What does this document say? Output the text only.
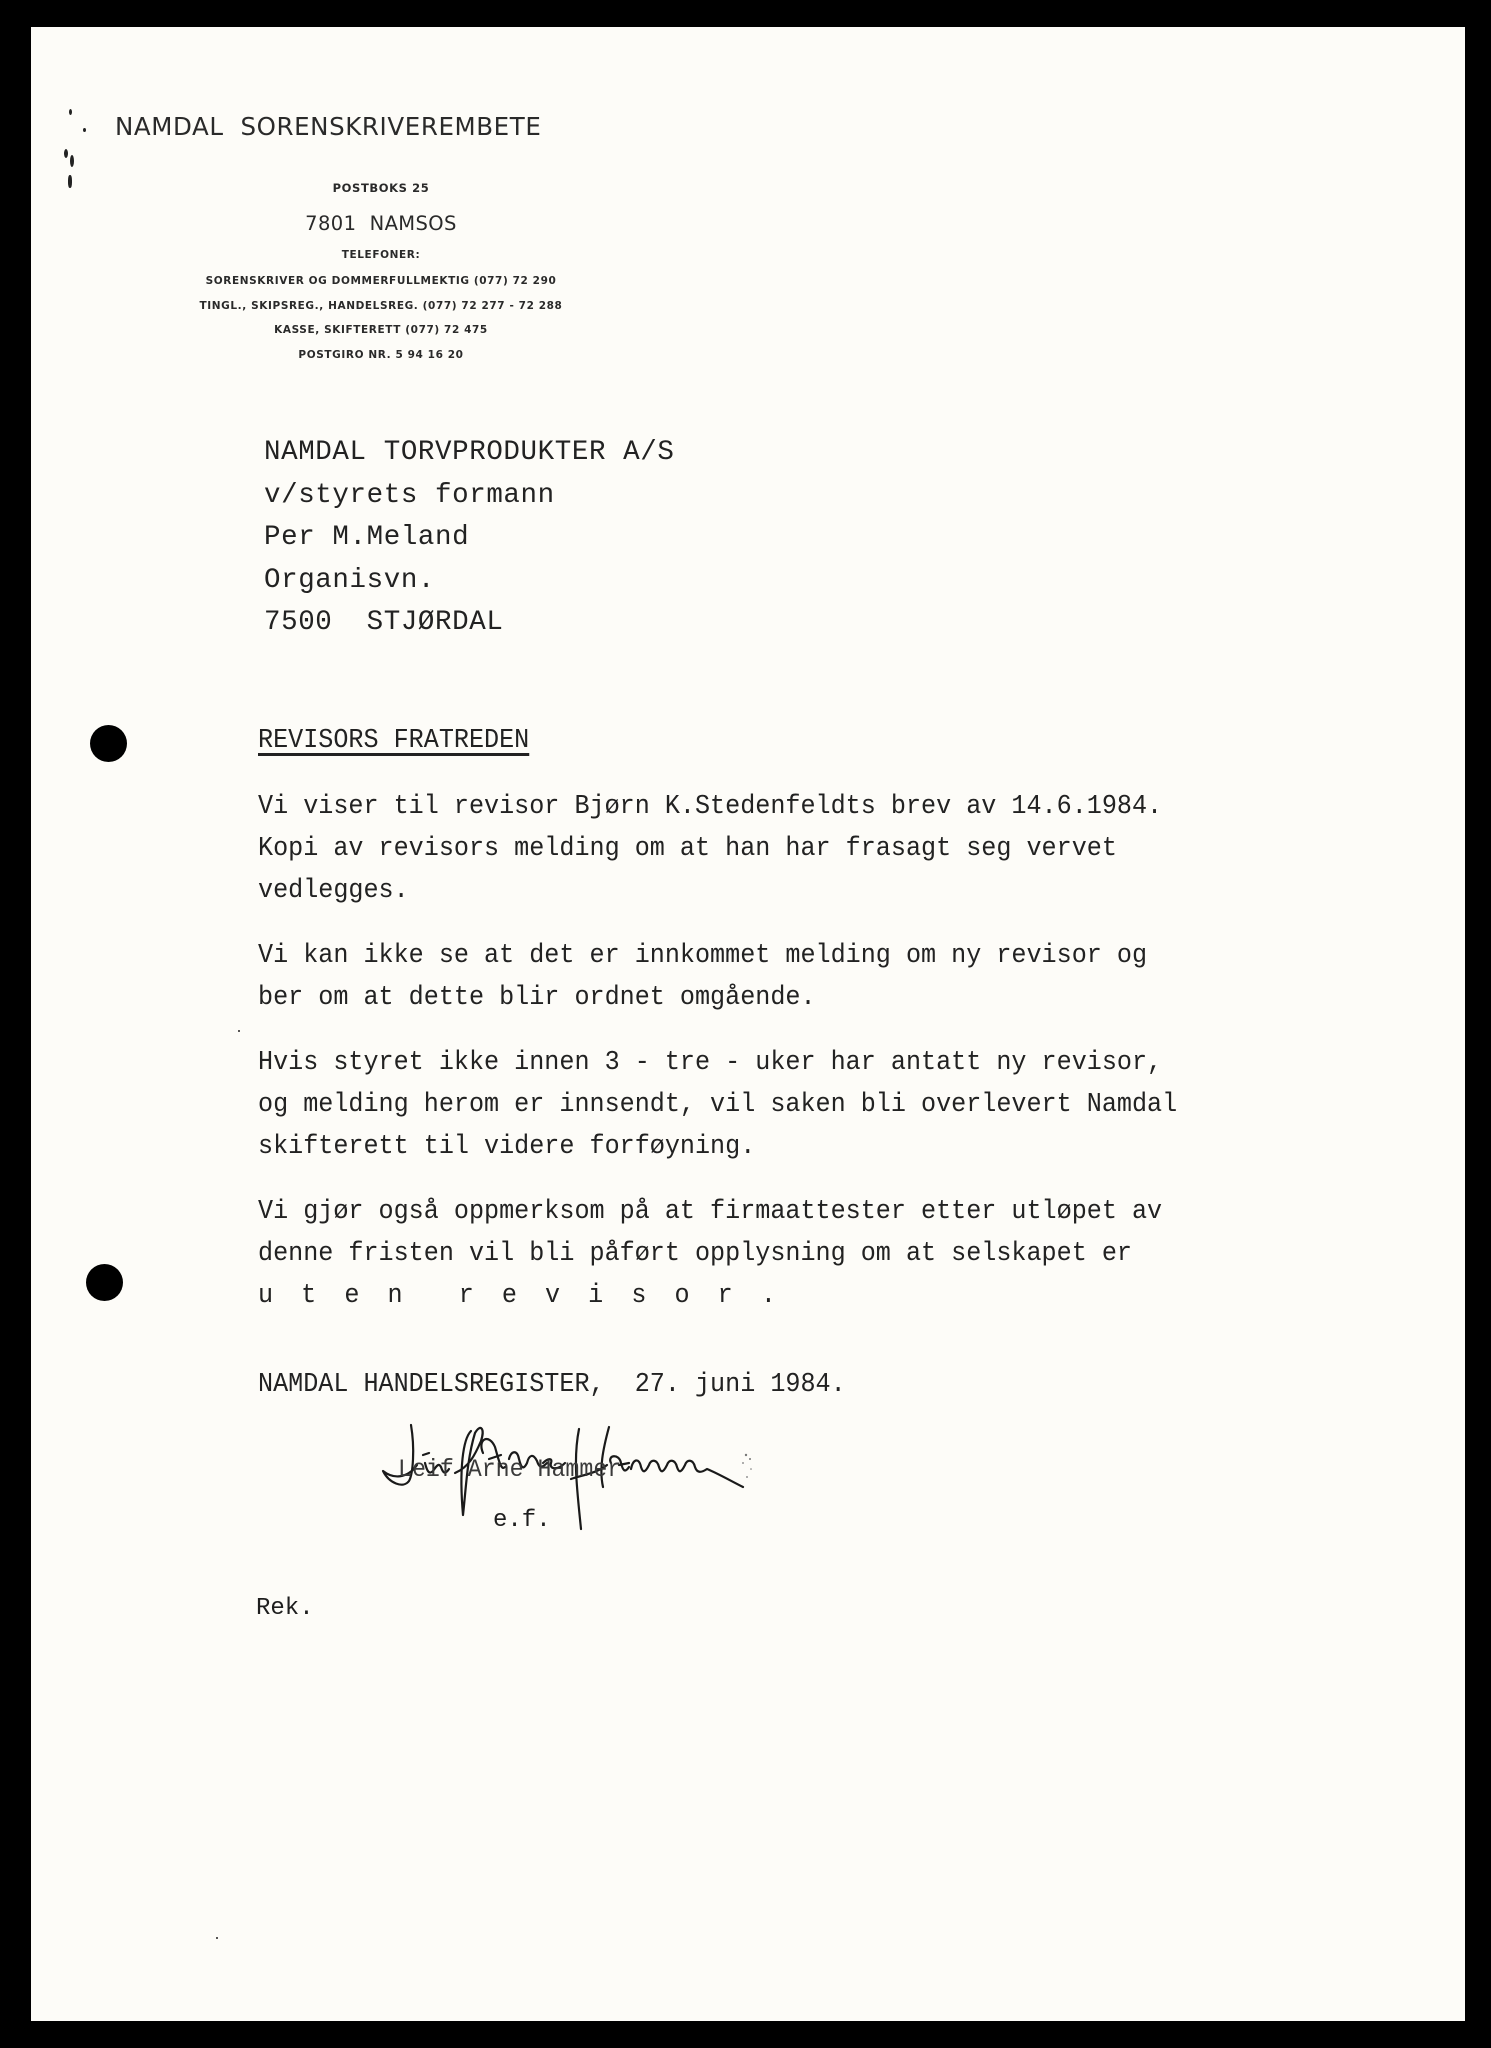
NAMDAL  SORENSKRIVEREMBETE
POSTBOKS 25
7801  NAMSOS
TELEFONER:
SORENSKRIVER OG DOMMERFULLMEKTIG (077) 72 290
TINGL., SKIPSREG., HANDELSREG. (077) 72 277 - 72 288
KASSE, SKIFTERETT (077) 72 475
POSTGIRO NR. 5 94 16 20
NAMDAL TORVPRODUKTER A/S
v/styrets formann
Per M.Meland
Organisvn.
7500  STJØRDAL
REVISORS FRATREDEN
Vi viser til revisor Bjørn K.Stedenfeldts brev av 14.6.1984.
Kopi av revisors melding om at han har frasagt seg vervet
vedlegges.
Vi kan ikke se at det er innkommet melding om ny revisor og
ber om at dette blir ordnet omgående.
Hvis styret ikke innen 3 - tre - uker har antatt ny revisor,
og melding herom er innsendt, vil saken bli overlevert Namdal
skifterett til videre forføyning.
Vi gjør også oppmerksom på at firmaattester etter utløpet av
denne fristen vil bli påført opplysning om at selskapet er
u t e n  r e v i s o r .
NAMDAL HANDELSREGISTER,  27. juni 1984.
Leif Arne Hammer
e.f.
Rek.
